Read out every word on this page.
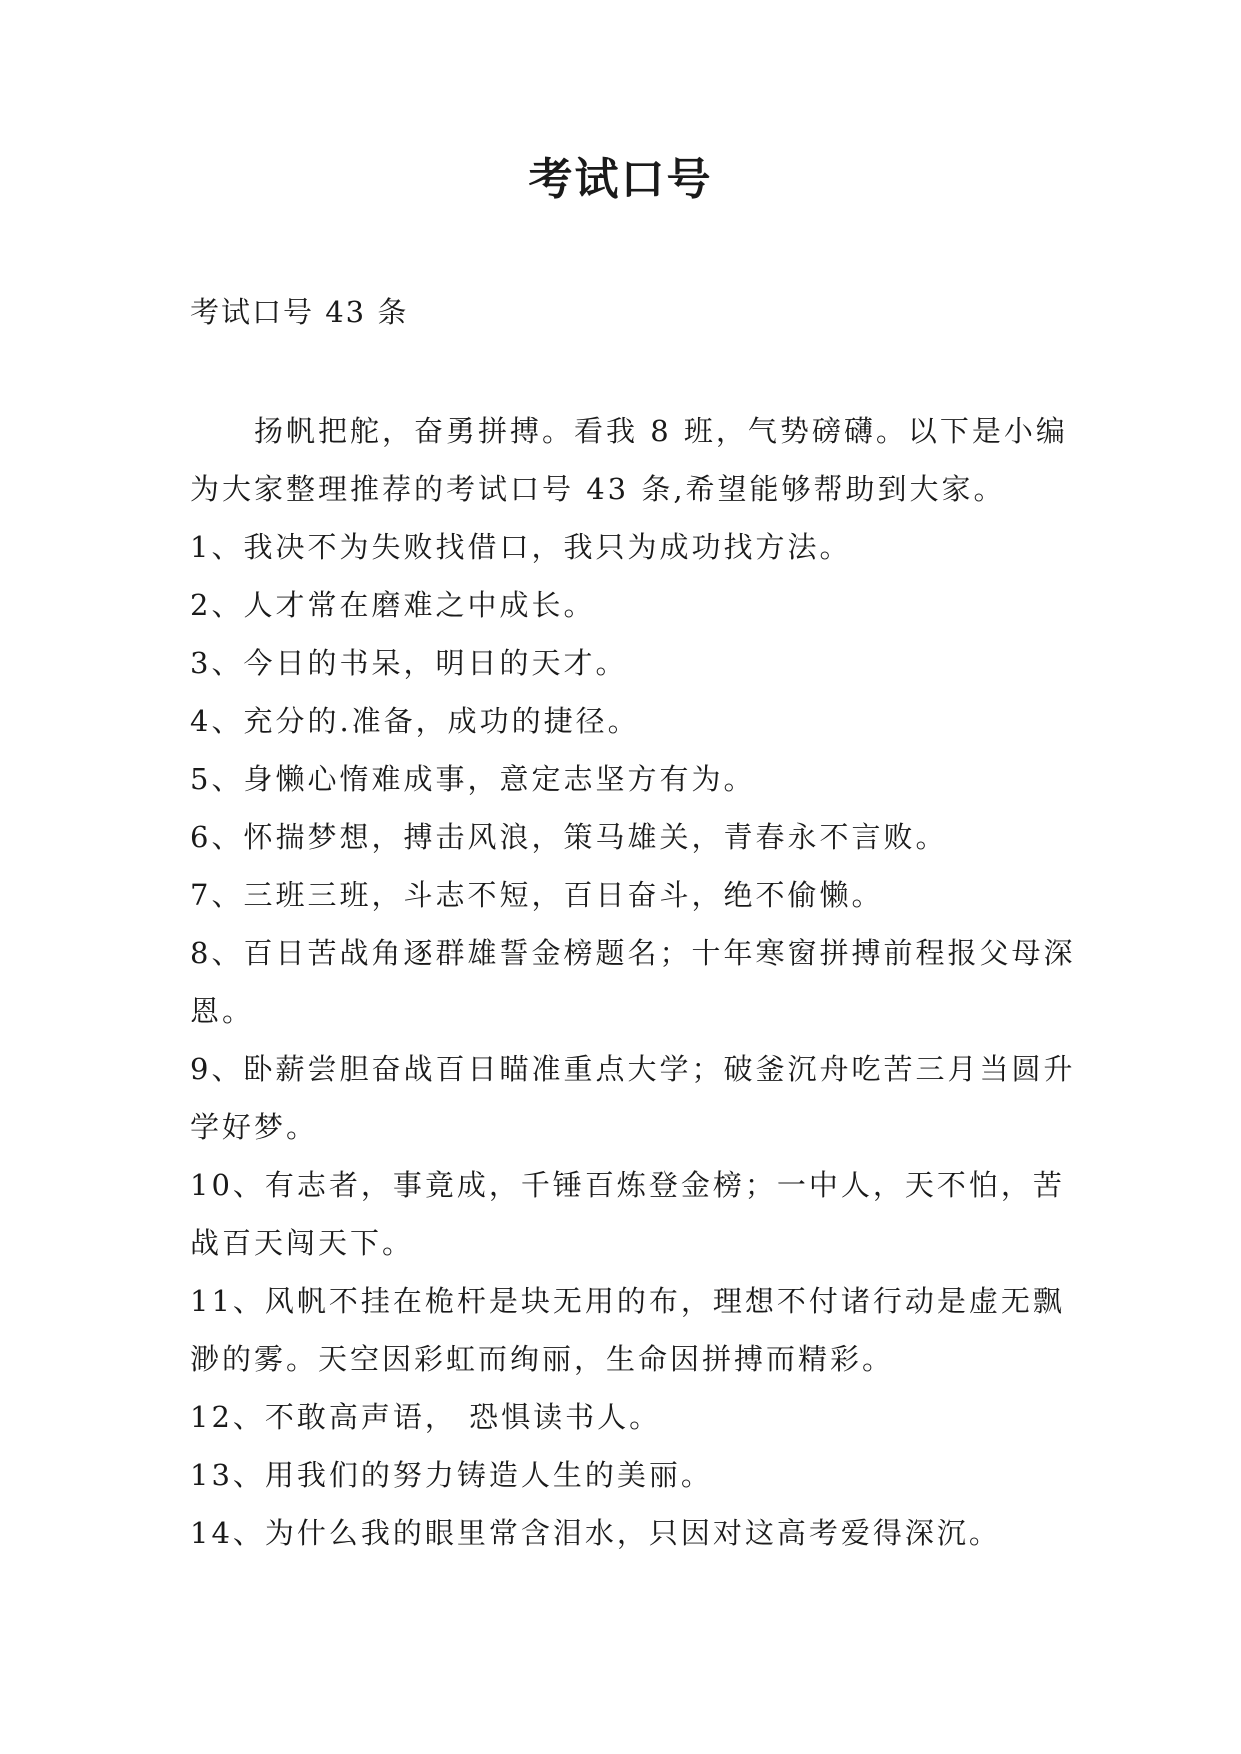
考试口号

考试口号 43 条

扬帆把舵，奋勇拼搏。看我 8 班，气势磅礴。以下是小编为大家整理推荐的考试口号 43 条,希望能够帮助到大家。

1、我决不为失败找借口，我只为成功找方法。
2、人才常在磨难之中成长。
3、今日的书呆，明日的天才。
4、充分的.准备，成功的捷径。
5、身懒心惰难成事，意定志坚方有为。
6、怀揣梦想，搏击风浪，策马雄关，青春永不言败。
7、三班三班，斗志不短，百日奋斗，绝不偷懒。
8、百日苦战角逐群雄誓金榜题名；十年寒窗拼搏前程报父母深恩。
9、卧薪尝胆奋战百日瞄准重点大学；破釜沉舟吃苦三月当圆升学好梦。
10、有志者，事竟成，千锤百炼登金榜；一中人，天不怕，苦战百天闯天下。
11、风帆不挂在桅杆是块无用的布，理想不付诸行动是虚无飘渺的雾。天空因彩虹而绚丽，生命因拼搏而精彩。
12、不敢高声语， 恐惧读书人。
13、用我们的努力铸造人生的美丽。
14、为什么我的眼里常含泪水，只因对这高考爱得深沉。
